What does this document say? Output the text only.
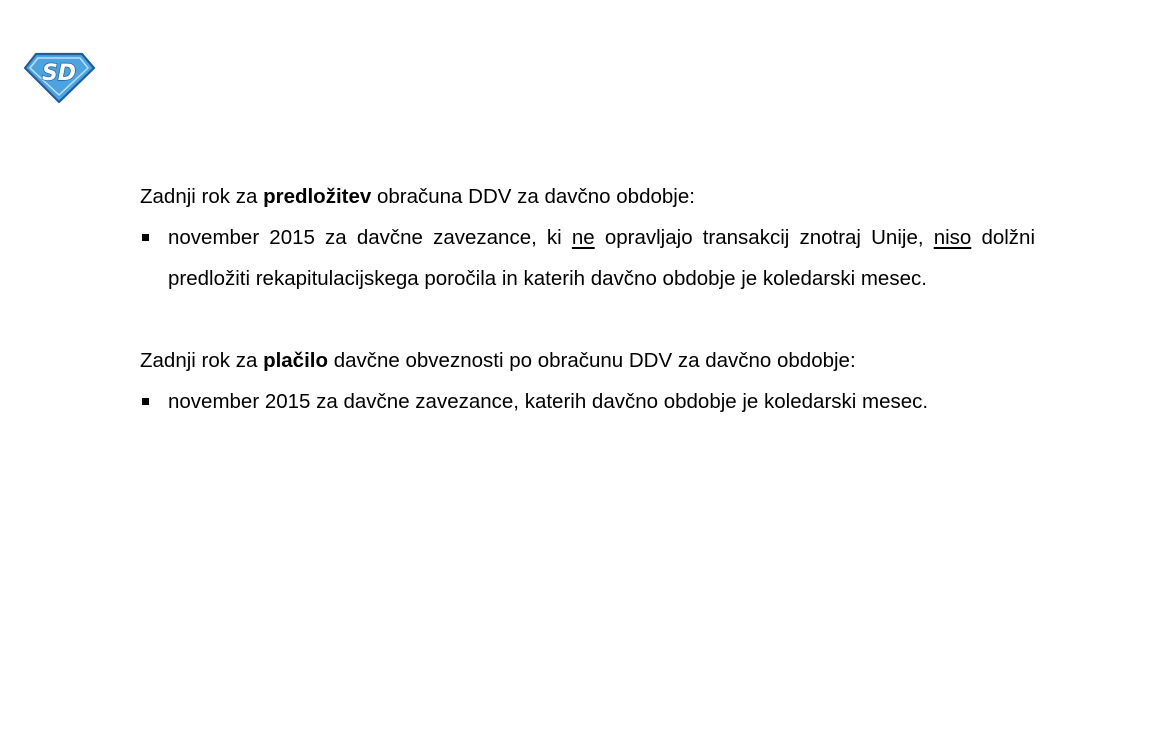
SD

Zadnji rok za predložitev obračuna DDV za davčno obdobje:

november 2015 za davčne zavezance, ki ne opravljajo transakcij znotraj Unije, niso dolžni predložiti rekapitulacijskega poročila in katerih davčno obdobje je koledarski mesec.

Zadnji rok za plačilo davčne obveznosti po obračunu DDV za davčno obdobje:

november 2015 za davčne zavezance, katerih davčno obdobje je koledarski mesec.
